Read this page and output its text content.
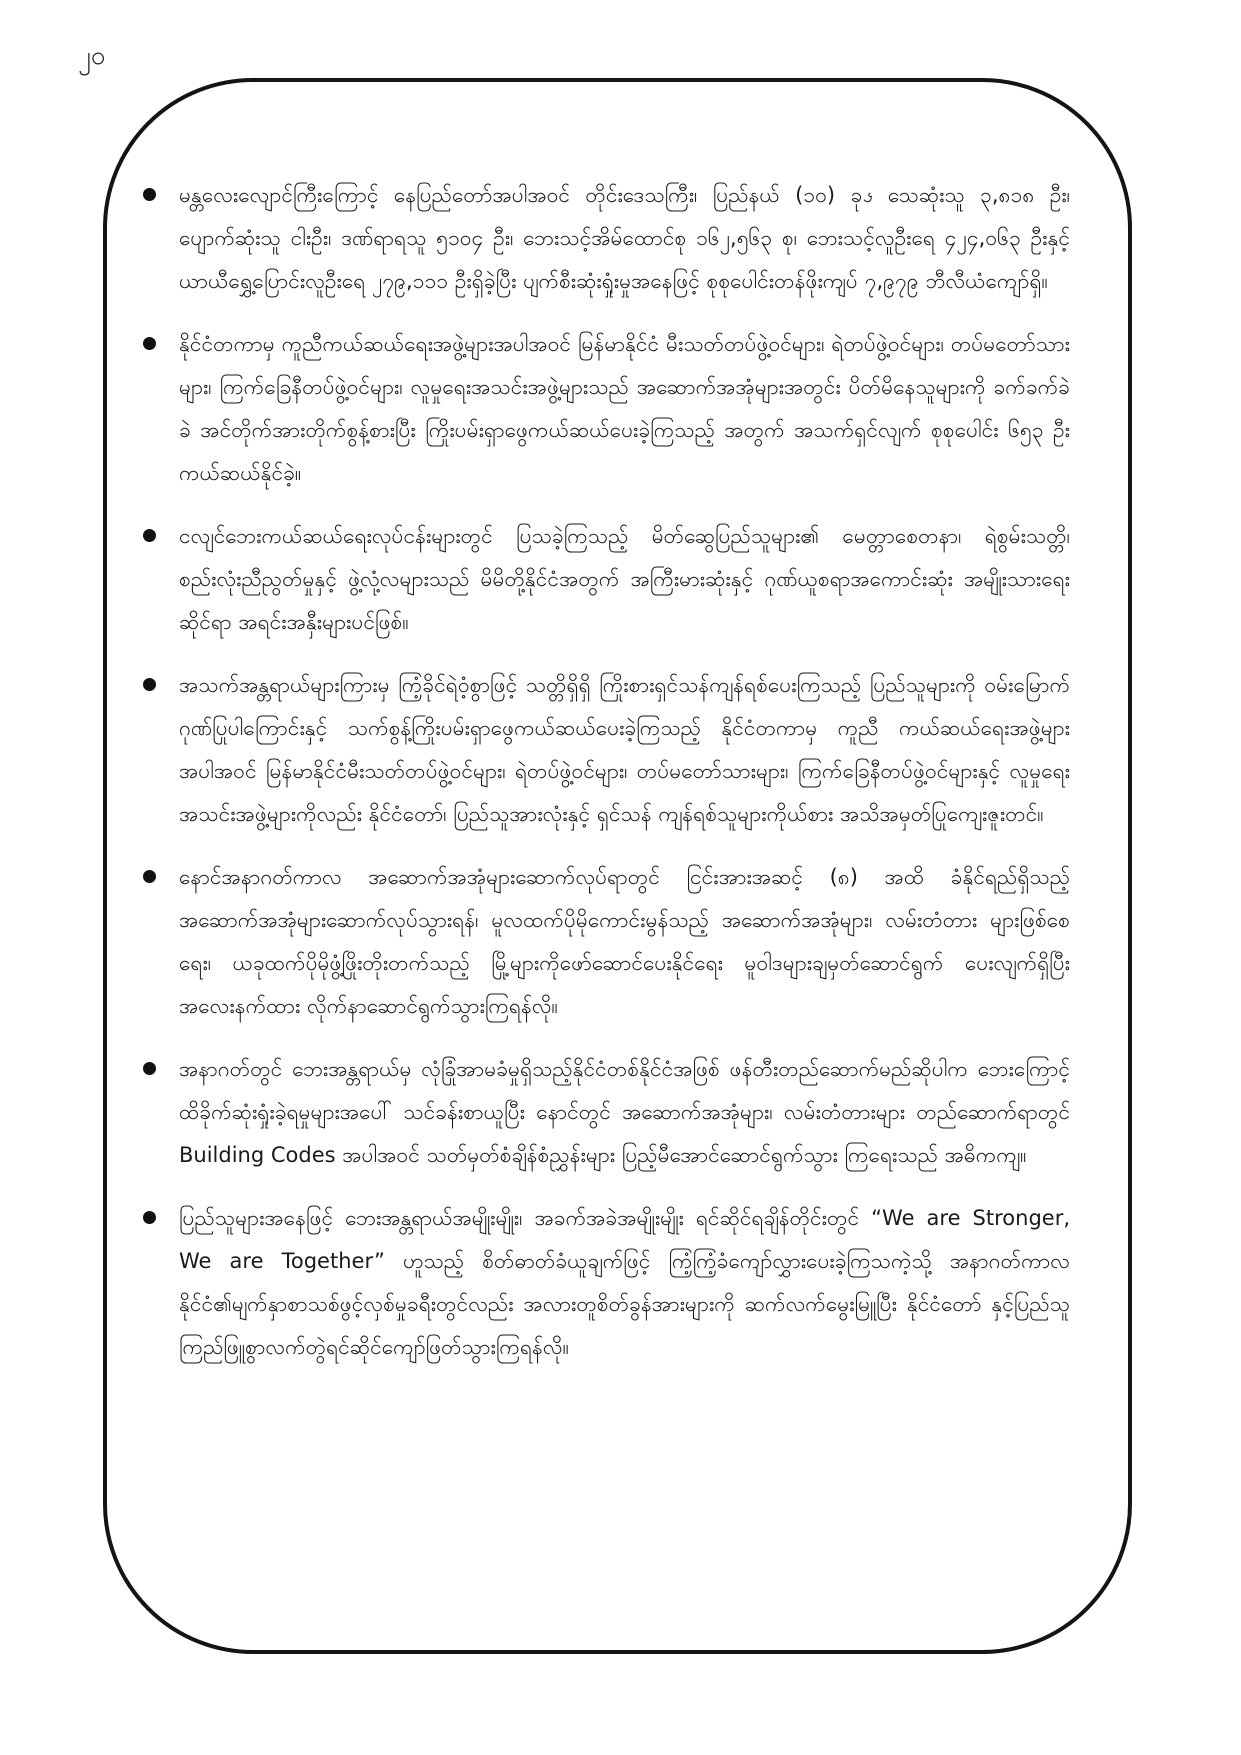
၂၀

မန္တလေးလျောင်ကြီးကြောင့် နေပြည်တော်အပါအဝင် တိုင်းဒေသကြီး၊ ပြည်နယ် (၁၀) ခုၖ သေဆုံးသူ ၃,၈၁၈ ဦး၊ ပျောက်ဆုံးသူ ငါးဦး၊ ဒဏ်ရာရသူ ၅၁၀၄ ဦး၊ ဘေးသင့်အိမ်ထောင်စု ၁၆၂,၅၆၃ စု၊ ဘေးသင့်လူဦးရေ ၄၂၄,၀၆၃ ဦးနှင့် ယာယီရွှေ့ပြောင်းလူဦးရေ ၂၇၉,၁၁၁ ဦးရှိခဲ့ပြီး ပျက်စီးဆုံးရှုံးမှုအနေဖြင့် စုစုပေါင်းတန်ဖိုးကျပ် ၇,၉၇၉ ဘီလီယံကျော်ရှိ။
နိုင်ငံတကာမှ ကူညီကယ်ဆယ်ရေးအဖွဲ့များအပါအဝင် မြန်မာနိုင်ငံ မီးသတ်တပ်ဖွဲ့ဝင်များ၊ ရဲတပ်ဖွဲ့ဝင်များ၊ တပ်မတော်သားများ၊ ကြက်ခြေနီတပ်ဖွဲ့ဝင်များ၊ လူမှုရေးအသင်းအဖွဲ့များသည် အဆောက်အအုံများအတွင်း ပိတ်မိနေသူများကို ခက်ခက်ခဲခဲ အင်တိုက်အားတိုက်စွန့်စားပြီး ကြိုးပမ်းရှာဖွေကယ်ဆယ်ပေးခဲ့ကြသည့် အတွက် အသက်ရှင်လျက် စုစုပေါင်း ၆၅၃ ဦး ကယ်ဆယ်နိုင်ခဲ့။
ငလျင်ဘေးကယ်ဆယ်ရေးလုပ်ငန်းများတွင် ပြသခဲ့ကြသည့် မိတ်ဆွေပြည်သူများ၏ မေတ္တာစေတနာ၊ ရဲစွမ်းသတ္တိ၊ စည်းလုံးညီညွတ်မှုနှင့် ဖွဲ့လုံ့လများသည် မိမိတို့နိုင်ငံအတွက် အကြီးမားဆုံးနှင့် ဂုဏ်ယူစရာအကောင်းဆုံး အမျိုးသားရေးဆိုင်ရာ အရင်းအနှီးများပင်ဖြစ်။
အသက်အန္တရာယ်များကြားမှ ကြံ့ခိုင်ရဲဝံ့စွာဖြင့် သတ္တိရှိရှိ ကြိုးစားရှင်သန်ကျန်ရစ်ပေးကြသည့် ပြည်သူများကို ဝမ်းမြောက်ဂုဏ်ပြုပါကြောင်းနှင့် သက်စွန့်ကြိုးပမ်းရှာဖွေကယ်ဆယ်ပေးခဲ့ကြသည့် နိုင်ငံတကာမှ ကူညီ ကယ်ဆယ်ရေးအဖွဲ့များအပါအဝင် မြန်မာနိုင်ငံမီးသတ်တပ်ဖွဲ့ဝင်များ၊ ရဲတပ်ဖွဲ့ဝင်များ၊ တပ်မတော်သားများ၊ ကြက်ခြေနီတပ်ဖွဲ့ဝင်များနှင့် လူမှုရေးအသင်းအဖွဲ့များကိုလည်း နိုင်ငံတော်၊ ပြည်သူအားလုံးနှင့် ရှင်သန် ကျန်ရစ်သူများကိုယ်စား အသိအမှတ်ပြုကျေးဇူးတင်။
နောင်အနာဂတ်ကာလ အဆောက်အအုံများဆောက်လုပ်ရာတွင် ငြင်းအားအဆင့် (၈) အထိ ခံနိုင်ရည်ရှိသည့် အဆောက်အအုံများဆောက်လုပ်သွားရန်၊ မူလထက်ပိုမိုကောင်းမွန်သည့် အဆောက်အအုံများ၊ လမ်းတံတား များဖြစ်စေရေး၊ ယခုထက်ပိုမိုဖွံ့ဖြိုးတိုးတက်သည့် မြို့များကိုဖော်ဆောင်ပေးနိုင်ရေး မူဝါဒများချမှတ်ဆောင်ရွက် ပေးလျက်ရှိပြီး အလေးနက်ထား လိုက်နာဆောင်ရွက်သွားကြရန်လို။
အနာဂတ်တွင် ဘေးအန္တရာယ်မှ လုံခြုံအာမခံမှုရှိသည့်နိုင်ငံတစ်နိုင်ငံအဖြစ် ဖန်တီးတည်ဆောက်မည်ဆိုပါက ဘေးကြောင့်ထိခိုက်ဆုံးရှုံးခဲ့ရမှုများအပေါ် သင်ခန်းစာယူပြီး နောင်တွင် အဆောက်အအုံများ၊ လမ်းတံတားများ တည်ဆောက်ရာတွင် Building Codes အပါအဝင် သတ်မှတ်စံချိန်စံညွှန်းများ ပြည့်မီအောင်ဆောင်ရွက်သွား ကြရေးသည် အဓိကကျ။
ပြည်သူများအနေဖြင့် ဘေးအန္တရာယ်အမျိုးမျိုး၊ အခက်အခဲအမျိုးမျိုး ရင်ဆိုင်ရချိန်တိုင်းတွင် “We are Stronger, We are Together” ဟူသည့် စိတ်ဓာတ်ခံယူချက်ဖြင့် ကြံ့ကြံ့ခံကျော်လွှားပေးခဲ့ကြသကဲ့သို့ အနာဂတ်ကာလ နိုင်ငံ၏မျက်နှာစာသစ်ဖွင့်လှစ်မှုခရီးတွင်လည်း အလားတူစိတ်ခွန်အားများကို ဆက်လက်မွေးမြူပြီး နိုင်ငံတော် နှင့်ပြည်သူ ကြည်ဖြူစွာလက်တွဲရင်ဆိုင်ကျော်ဖြတ်သွားကြရန်လို။
